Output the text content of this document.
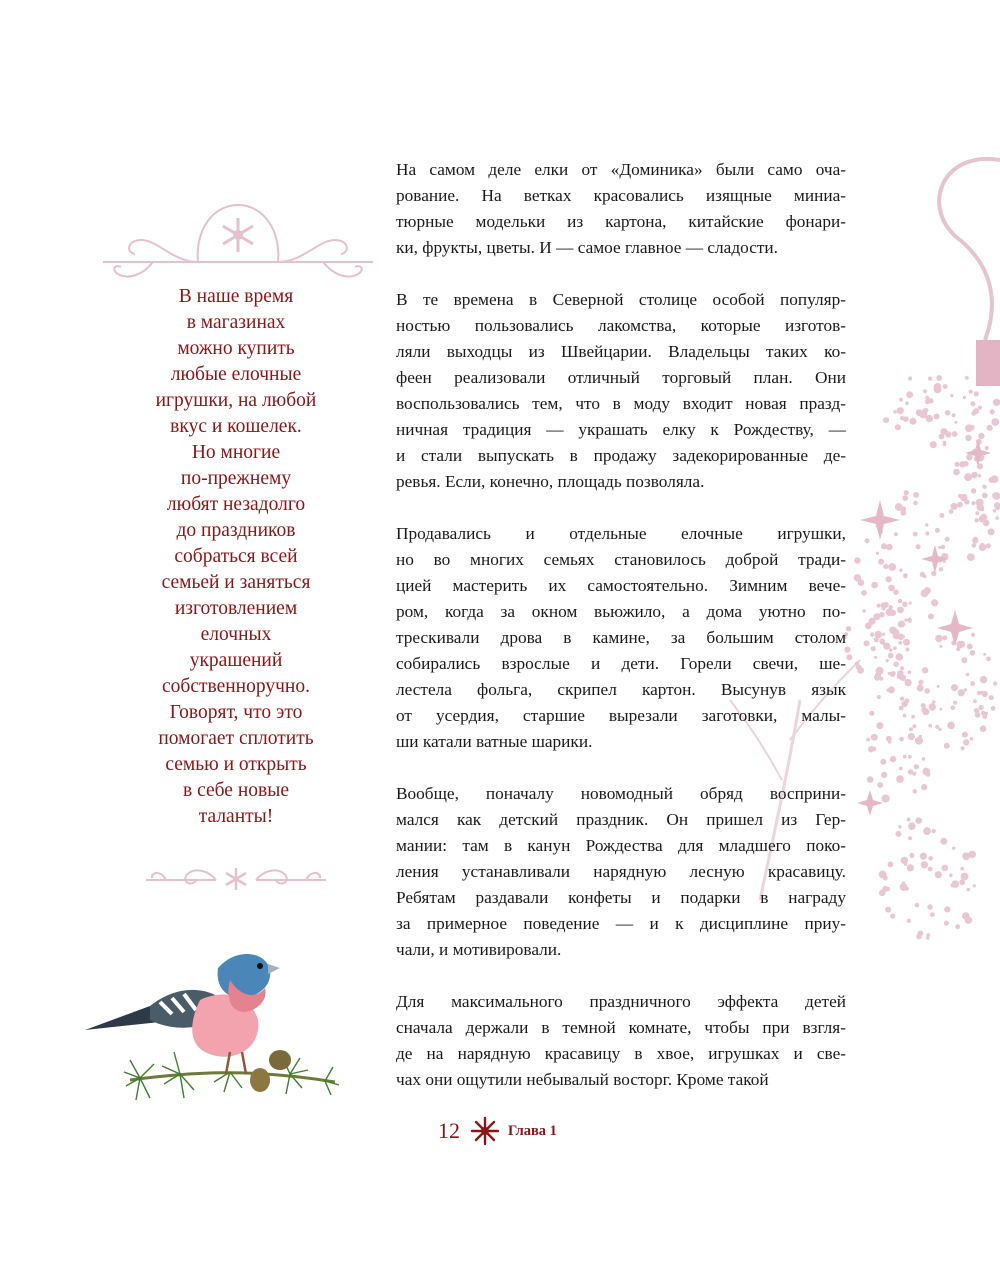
В наше время
в магазинах
можно купить
любые елочные
игрушки, на любой
вкус и кошелек.
Но многие
по-прежнему
любят незадолго
до праздников
собраться всей
семьей и заняться
изготовлением
елочных
украшений
собственноручно.
Говорят, что это
помогает сплотить
семью и открыть
в себе новые
таланты!
На самом деле елки от «Доминика» были само оча-
рование. На ветках красовались изящные миниа-
тюрные модельки из картона, китайские фонари-
ки, фрукты, цветы. И — самое главное — сладости.
В те времена в Северной столице особой популяр-
ностью пользовались лакомства, которые изготов-
ляли выходцы из Швейцарии. Владельцы таких ко-
феен реализовали отличный торговый план. Они
воспользовались тем, что в моду входит новая празд-
ничная традиция — украшать елку к Рождеству, —
и стали выпускать в продажу задекорированные де-
ревья. Если, конечно, площадь позволяла.
Продавались и отдельные елочные игрушки,
но во многих семьях становилось доброй тради-
цией мастерить их самостоятельно. Зимним вече-
ром, когда за окном вьюжило, а дома уютно по-
трескивали дрова в камине, за большим столом
собирались взрослые и дети. Горели свечи, ше-
лестела фольга, скрипел картон. Высунув язык
от усердия, старшие вырезали заготовки, малы-
ши катали ватные шарики.
Вообще, поначалу новомодный обряд восприни-
мался как детский праздник. Он пришел из Гер-
мании: там в канун Рождества для младшего поко-
ления устанавливали нарядную лесную красавицу.
Ребятам раздавали конфеты и подарки в награду
за примерное поведение — и к дисциплине приу-
чали, и мотивировали.
Для максимального праздничного эффекта детей
сначала держали в темной комнате, чтобы при взгля-
де на нарядную красавицу в хвое, игрушках и све-
чах они ощутили небывалый восторг. Кроме такой
12	Глава 1
